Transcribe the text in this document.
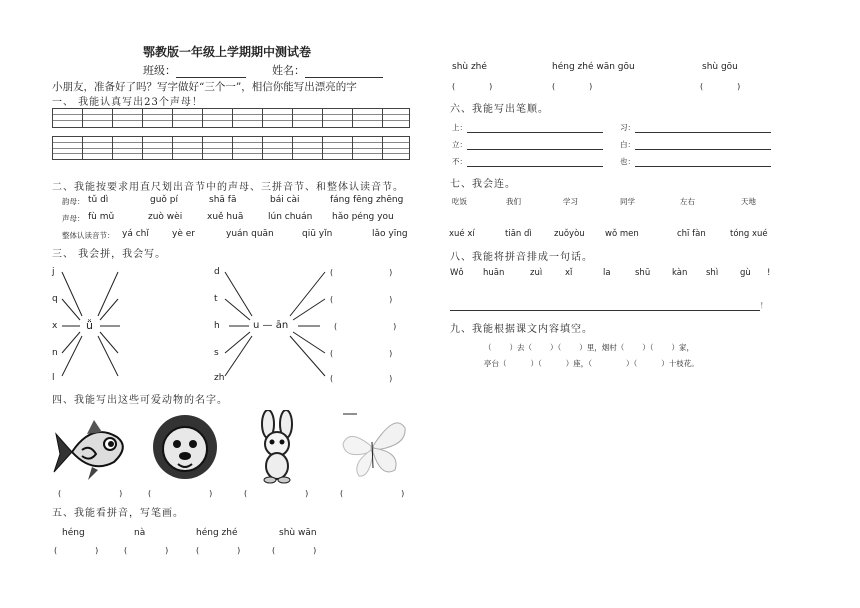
鄂教版一年级上学期期中测试卷
班级：	姓名：
小朋友，准备好了吗？写字做好“三个一”，相信你能写出漂亮的字
一、 我能认真写出23个声母！
二、我能按要求用直尺划出音节中的声母、三拼音节、和整体认读音节。
韵母： tǔ dì	guǒ pí	shā fā	bái cài	fáng fēng zhēng
声母： fù mǔ	zuò wèi	xuě huā	lún chuán hǎo péng you
整体认读音节： yá chǐ	yè er	yuán quān	qiū yǐn	lǎo yīng
三、 我会拼，我会写。
j
q
x
n
l
ǚ
d
t
h
s
zh
u — ān
(	)
(	)
(	)
(	)
(	)
四、我能写出这些可爱动物的名字。
(	)	(	)	(	)	(	)
五、我能看拼音，写笔画。
héng	nà	héng zhé	shù wān
(	)	(	)	(	)	(	)
shù zhé	héng zhé wān gōu	shù gōu
(	)	(	)	(	)
六、我能写出笔顺。
上：	习：
立：	白：
不：	也：
七、我会连。
吃饭	我们	学习	同学	左右	天地
xué xí	tiān dì	zuǒyòu wǒ men	chī fàn	tóng xué
八、我能将拼音排成一句话。
Wǒ huān	zuì	xǐ	la	shū	kàn shì	gù !
！
九、我能根据课文内容填空。
（ ）去（ ）（ ）里，烟村（ ）（ ）家，
亭台（	）（	）座，（	）（	）十枝花。
